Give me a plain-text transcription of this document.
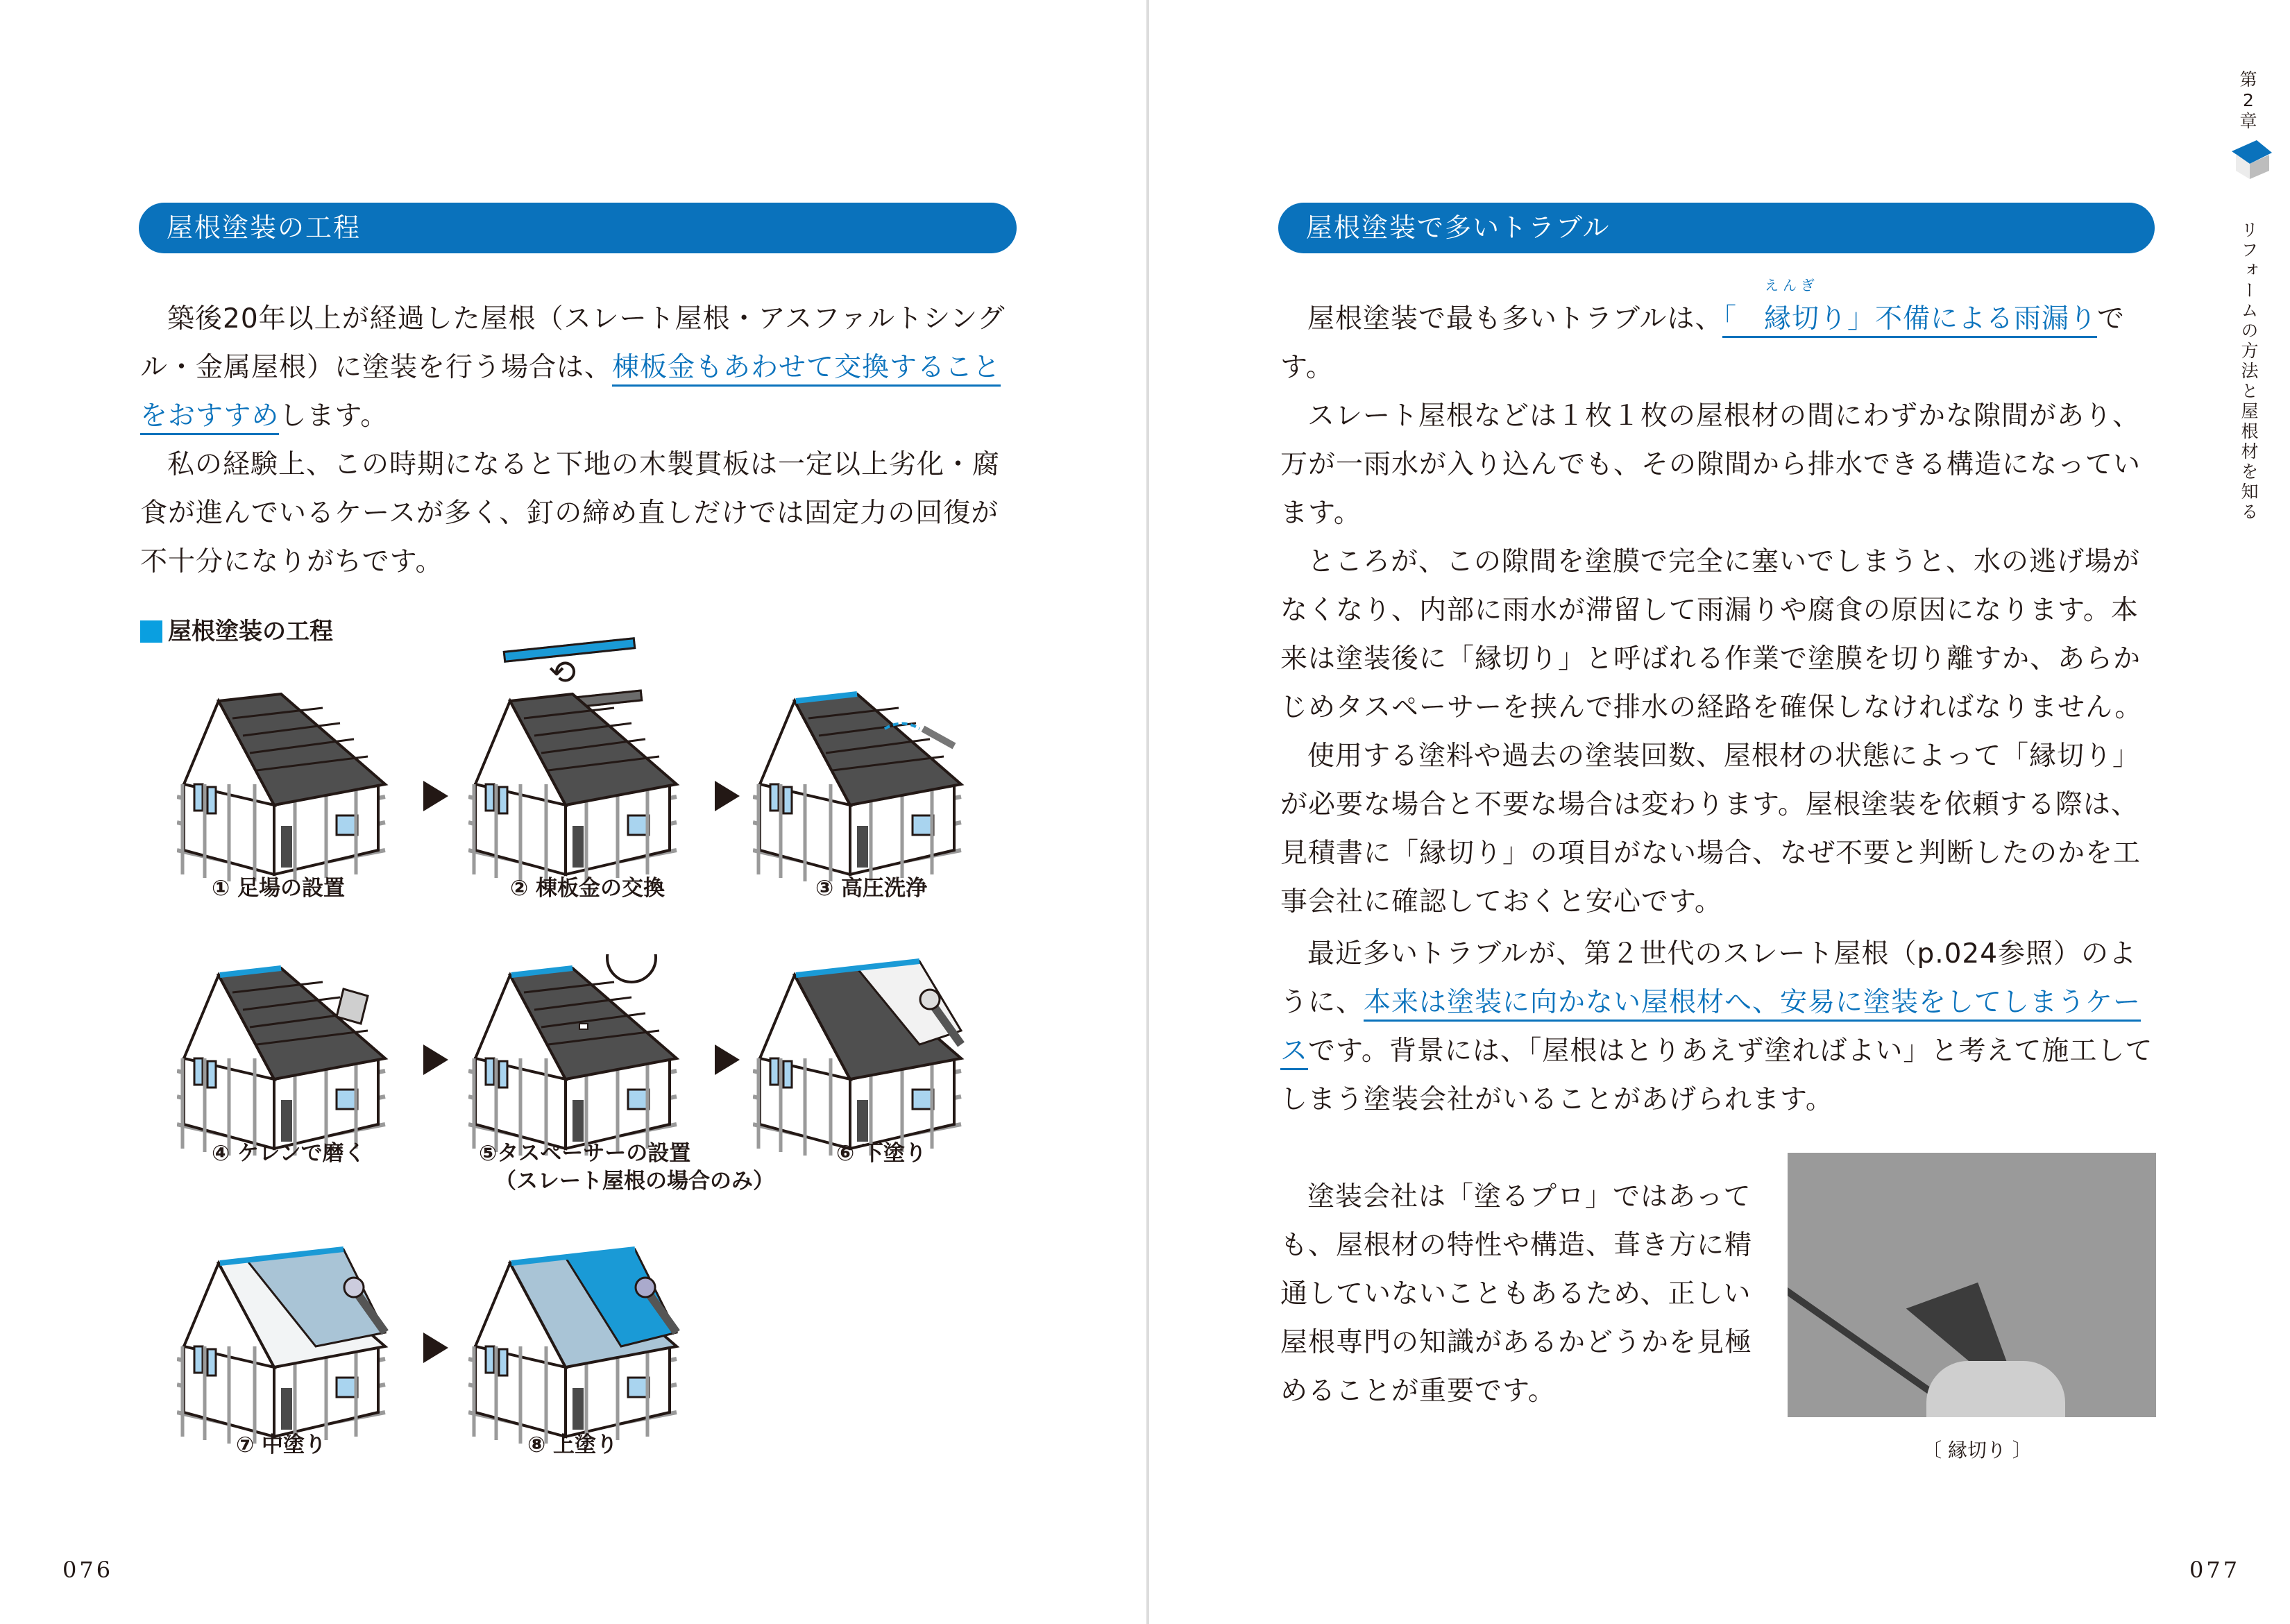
屋根塗装の工程

築後20年以上が経過した屋根（スレート屋根・アスファルトシングル・金属屋根）に塗装を行う場合は、棟板金もあわせて交換することをおすすめします。

私の経験上、この時期になると下地の木製貫板は一定以上劣化・腐食が進んでいるケースが多く、釘の締め直しだけでは固定力の回復が不十分になりがちです。

屋根塗装の工程
⟲
① 足場の設置	② 棟板金の交換	③ 高圧洗浄
④ ケレンで磨く	⑤タスペーサーの設置
（スレート屋根の場合のみ）
⑥ 下塗り
⑦ 中塗り	⑧ 上塗り
076
屋根塗装で多いトラブル

屋根塗装で最も多いトラブルは、「
えんぎ
縁切り」不備による雨漏りです。

スレート屋根などは１枚１枚の屋根材の間にわずかな隙間があり、万が一雨水が入り込んでも、その隙間から排水できる構造になっています。

ところが、この隙間を塗膜で完全に塞いでしまうと、水の逃げ場がなくなり、内部に雨水が滞留して雨漏りや腐食の原因になります。本来は塗装後に「縁切り」と呼ばれる作業で塗膜を切り離すか、あらかじめタスペーサーを挟んで排水の経路を確保しなければなりません。

使用する塗料や過去の塗装回数、屋根材の状態によって「縁切り」が必要な場合と不要な場合は変わります。屋根塗装を依頼する際は、見積書に「縁切り」の項目がない場合、なぜ不要と判断したのかを工事会社に確認しておくと安心です。

最近多いトラブルが、第２世代のスレート屋根（p.024参照）のように、本来は塗装に向かない屋根材へ、安易に塗装をしてしまうケースです。背景には、「屋根はとりあえず塗ればよい」と考えて施工してしまう塗装会社がいることがあげられます。

塗装会社は「塗るプロ」ではあっても、屋根材の特性や構造、葺き方に精通していないこともあるため、正しい屋根専門の知識があるかどうかを見極めることが重要です。

〔 縁切り 〕
第
2
章
リフォームの方法と屋根材を知る
077
